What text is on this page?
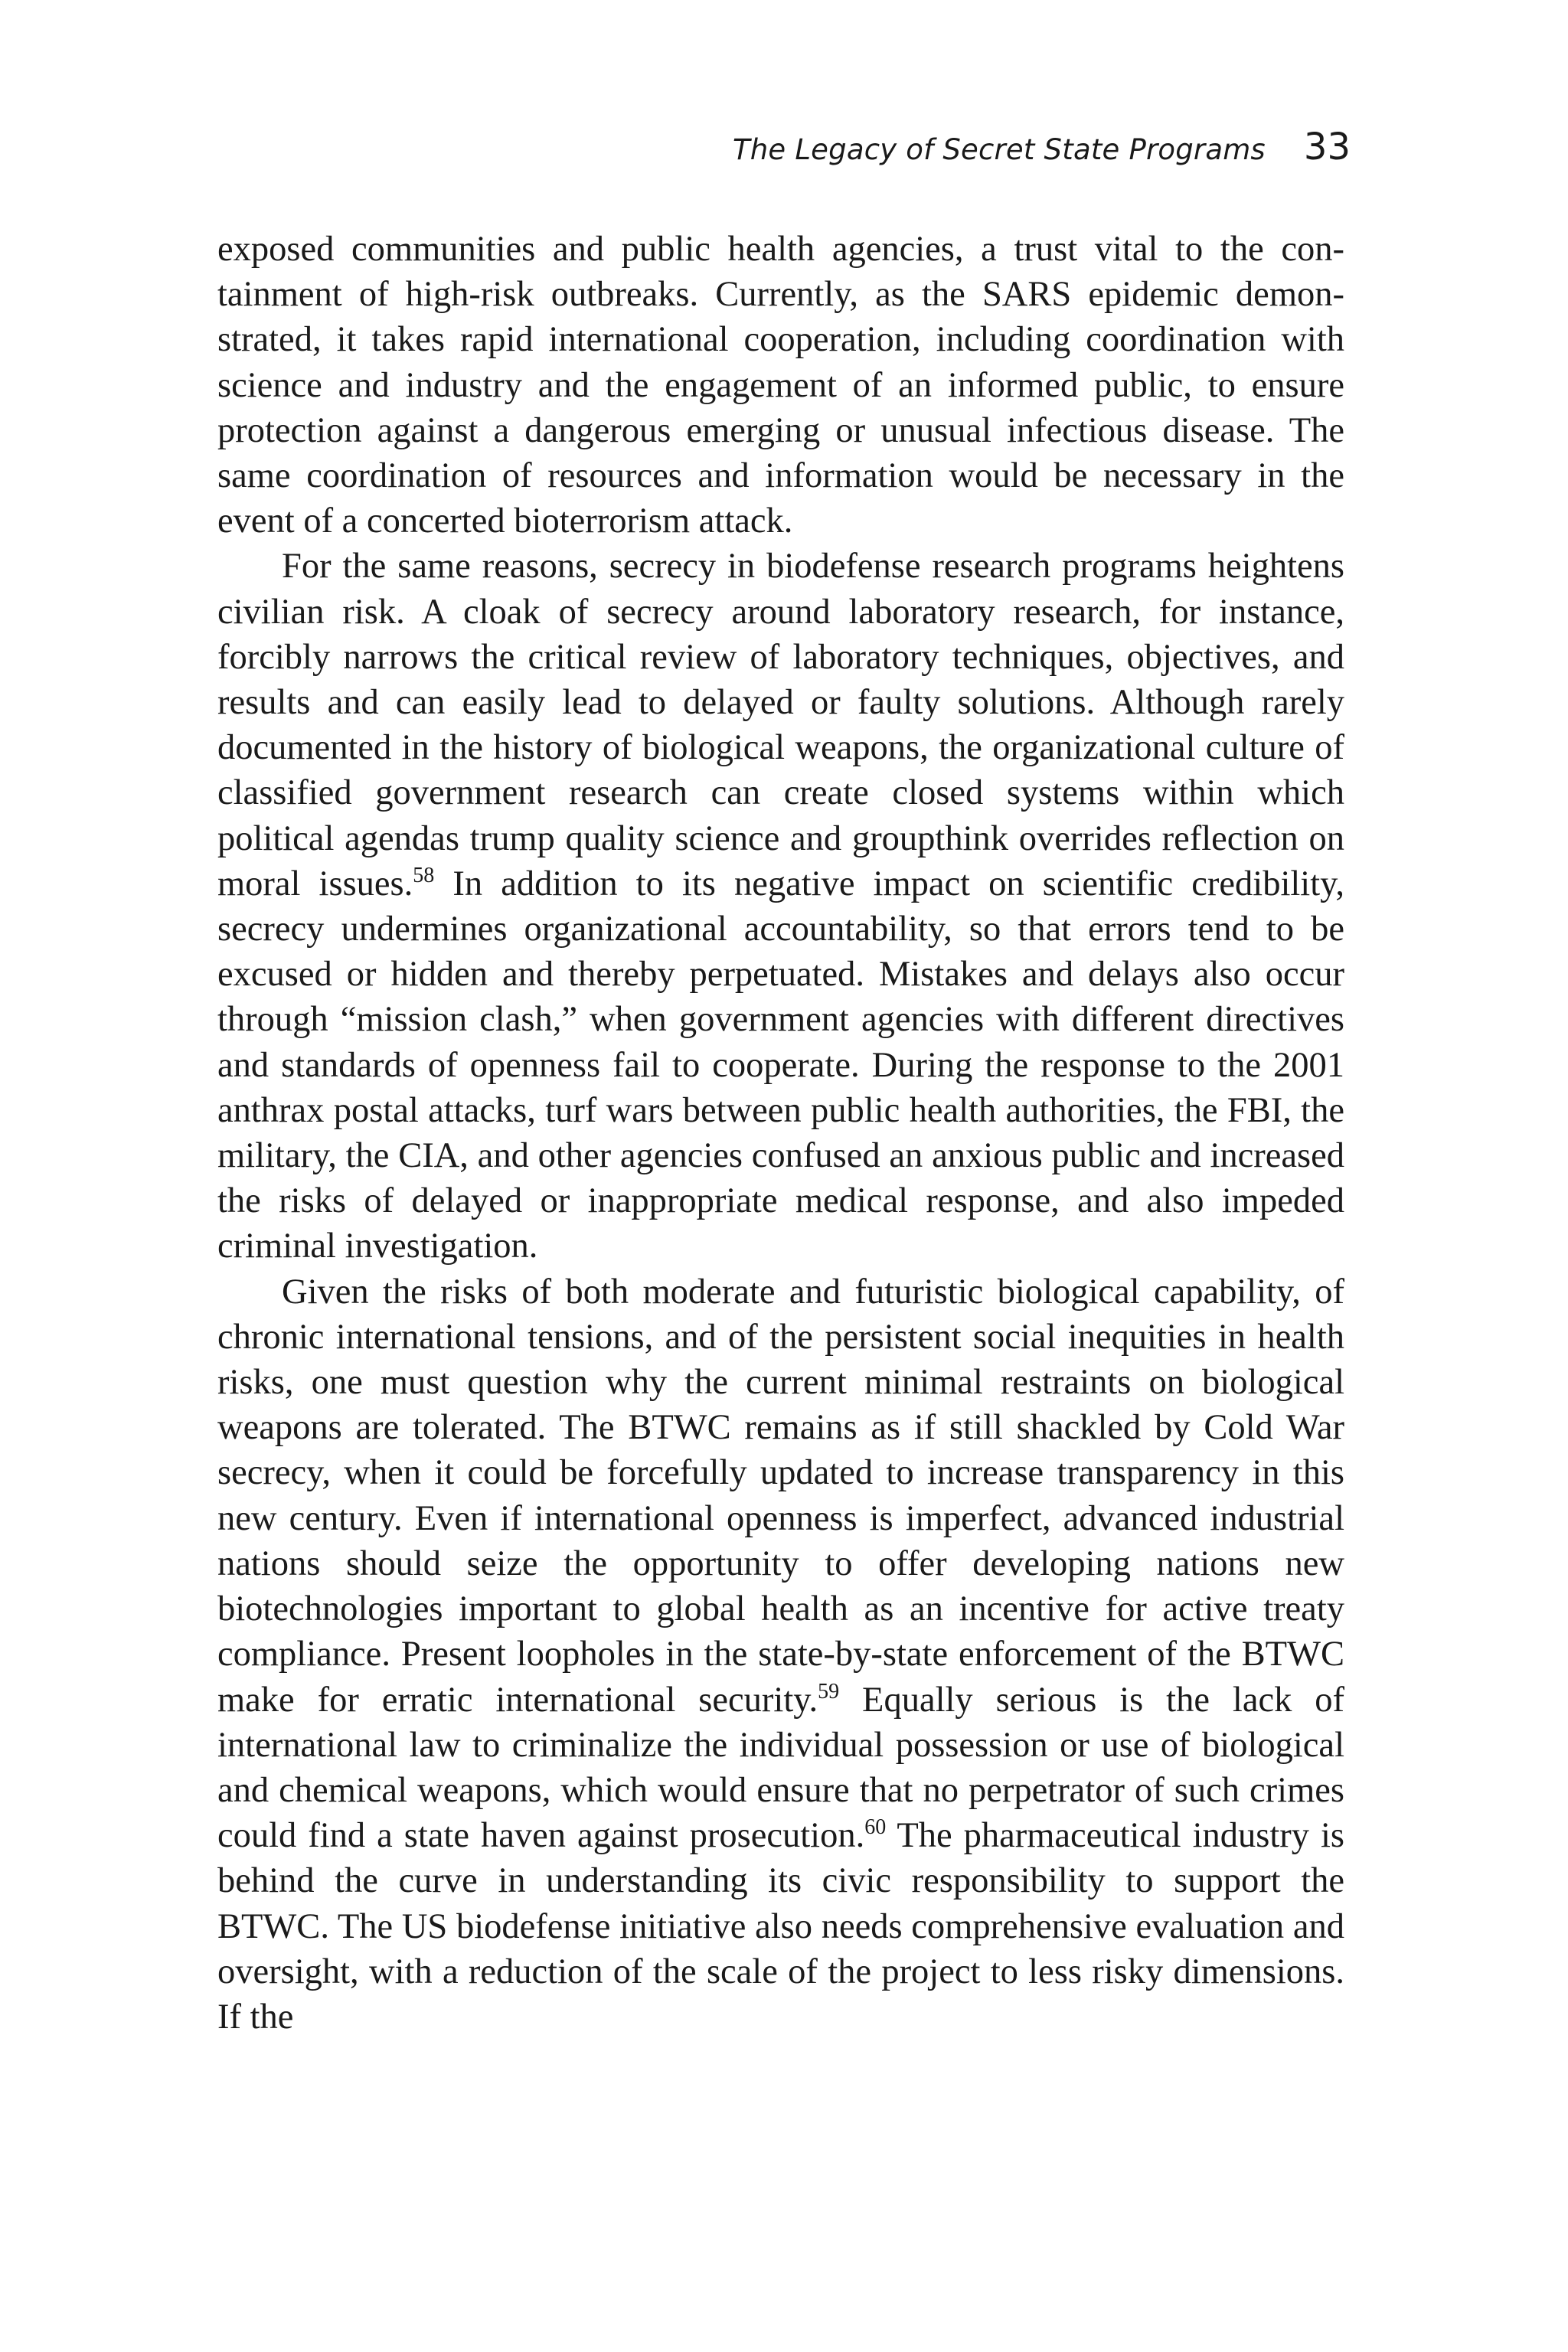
The Legacy of Secret State Programs 33

exposed communities and public health agencies, a trust vital to the containment of high-risk outbreaks. Currently, as the SARS epidemic demonstrated, it takes rapid international cooperation, including coordination with science and industry and the engagement of an informed public, to ensure protection against a dangerous emerging or unusual infectious disease. The same coordination of resources and information would be necessary in the event of a concerted bioterrorism attack.

For the same reasons, secrecy in biodefense research programs heightens civilian risk. A cloak of secrecy around laboratory research, for instance, forcibly narrows the critical review of laboratory techniques, objectives, and results and can easily lead to delayed or faulty solutions. Although rarely documented in the history of biological weapons, the organizational culture of classified government research can create closed systems within which political agendas trump quality science and groupthink overrides reflection on moral issues.$^{58}$ In addition to its negative impact on scientific credibility, secrecy undermines organizational accountability, so that errors tend to be excused or hidden and thereby perpetuated. Mistakes and delays also occur through “mission clash,” when government agencies with different directives and standards of openness fail to cooperate. During the response to the 2001 anthrax postal attacks, turf wars between public health authorities, the FBI, the military, the CIA, and other agencies confused an anxious public and increased the risks of delayed or inappropriate medical response, and also impeded criminal investigation.

Given the risks of both moderate and futuristic biological capability, of chronic international tensions, and of the persistent social inequities in health risks, one must question why the current minimal restraints on biological weapons are tolerated. The BTWC remains as if still shackled by Cold War secrecy, when it could be forcefully updated to increase transparency in this new century. Even if international openness is imperfect, advanced industrial nations should seize the opportunity to offer developing nations new biotechnologies important to global health as an incentive for active treaty compliance. Present loopholes in the state-by-state enforcement of the BTWC make for erratic international security.$^{59}$ Equally serious is the lack of international law to criminalize the individual possession or use of biological and chemical weapons, which would ensure that no perpetrator of such crimes could find a state haven against prosecution.$^{60}$ The pharmaceutical industry is behind the curve in understanding its civic responsibility to support the BTWC. The US biodefense initiative also needs comprehensive evaluation and oversight, with a reduction of the scale of the project to less risky dimensions. If the
